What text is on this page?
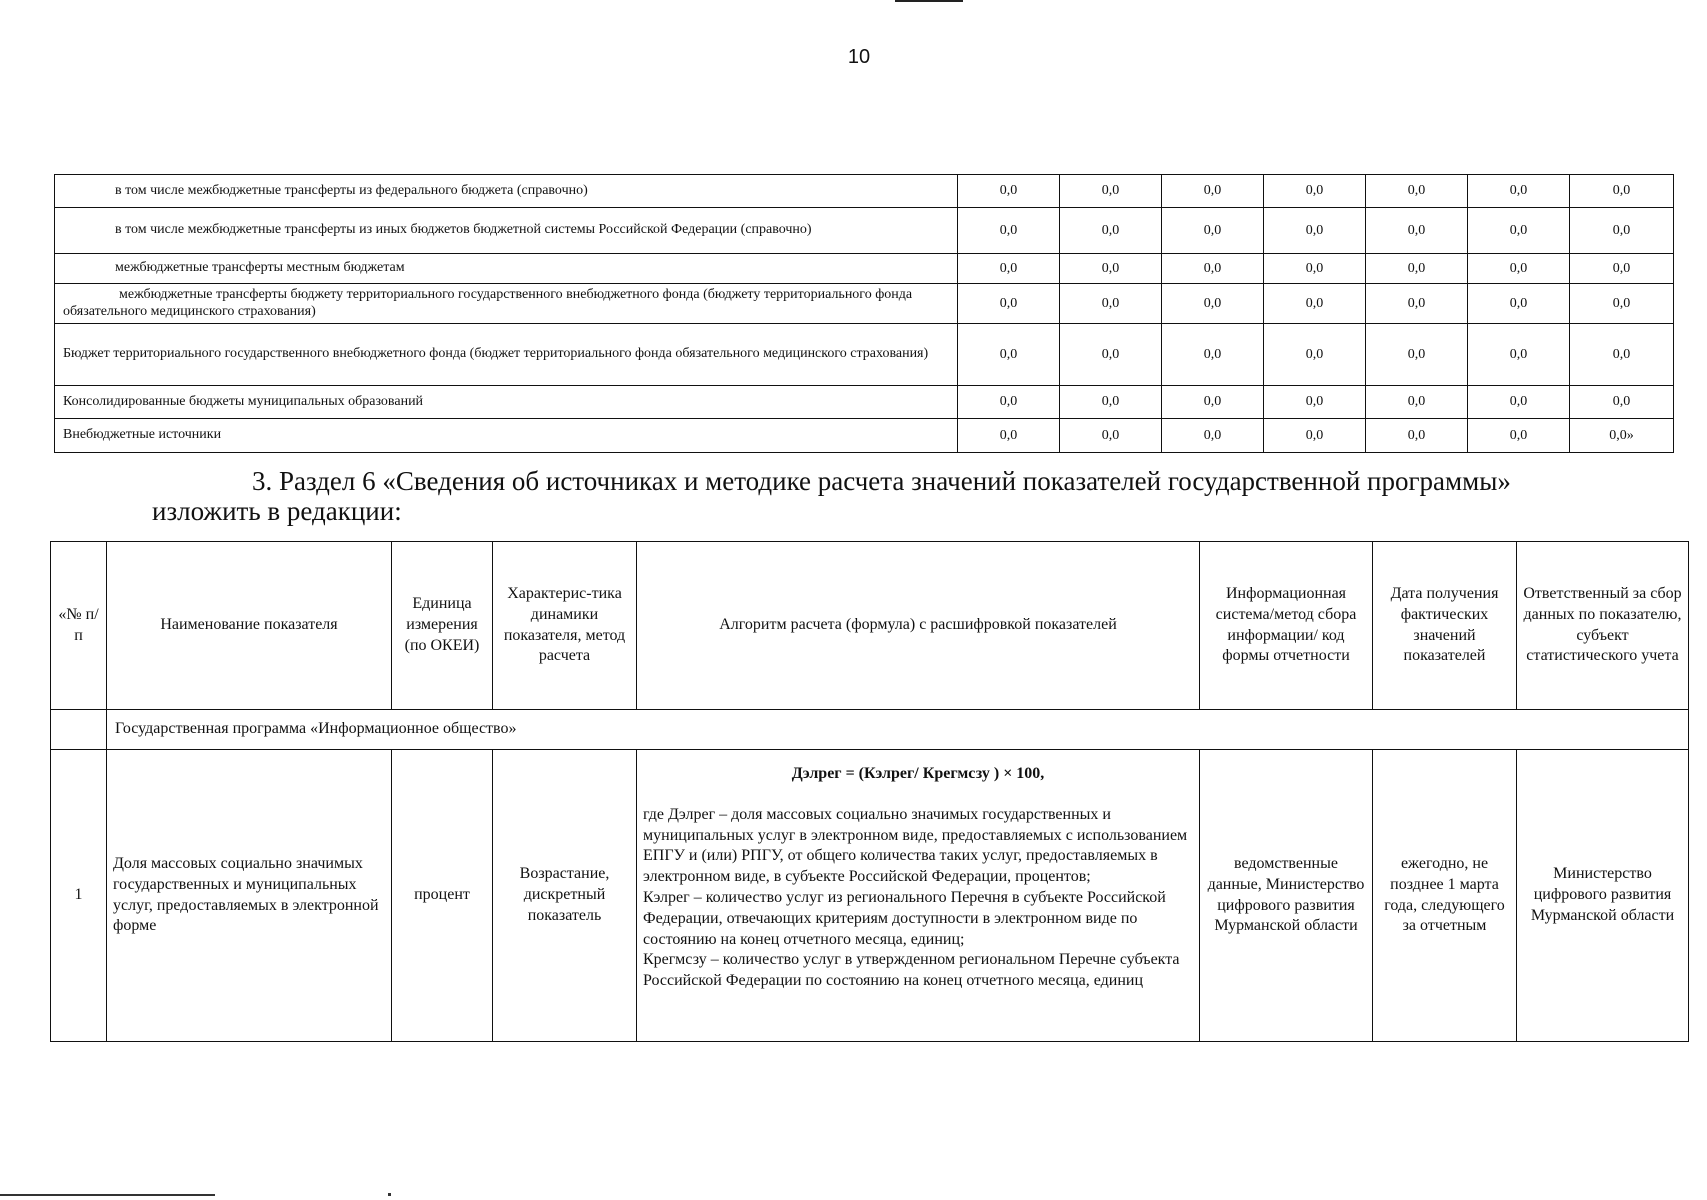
10
в том числе межбюджетные трансферты из федерального бюджета (справочно)	0,0	0,0	0,0	0,0	0,0	0,0	0,0
в том числе межбюджетные трансферты из иных бюджетов бюджетной системы Российской Федерации (справочно)	0,0	0,0	0,0	0,0	0,0	0,0	0,0
межбюджетные трансферты местным бюджетам	0,0	0,0	0,0	0,0	0,0	0,0	0,0
межбюджетные трансферты бюджету территориального государственного внебюджетного фонда (бюджету территориального фонда обязательного медицинского страхования)	0,0	0,0	0,0	0,0	0,0	0,0	0,0
Бюджет территориального государственного внебюджетного фонда (бюджет территориального фонда обязательного медицинского страхования)	0,0	0,0	0,0	0,0	0,0	0,0	0,0
Консолидированные бюджеты муниципальных образований	0,0	0,0	0,0	0,0	0,0	0,0	0,0
Внебюджетные источники	0,0	0,0	0,0	0,0	0,0	0,0	0,0»
3. Раздел 6 «Сведения об источниках и методике расчета значений показателей государственной программы»
изложить в редакции:
«№ п/п	Наименование показателя	Единица измерения (по ОКЕИ)	Характерис-тика динамики показателя, метод расчета	Алгоритм расчета (формула) с расшифровкой показателей	Информационная система/метод сбора информации/ код формы отчетности	Дата получения фактических значений показателей	Ответственный за сбор данных по показателю, субъект статистического учета
	Государственная программа «Информационное общество»						
1	Доля массовых социально значимых государственных и муниципальных услуг, предоставляемых в электронной форме	процент	Возрастание, дискретный показатель	Дэлрег = (Кэлрег/ Крегмсзу ) × 100,
где Дэлрег – доля массовых социально значимых государственных и муниципальных услуг в электронном виде, предоставляемых с использованием ЕПГУ и (или) РПГУ, от общего количества таких услуг, предоставляемых в электронном виде, в субъекте Российской Федерации, процентов;
Кэлрег – количество услуг из регионального Перечня в субъекте Российской Федерации, отвечающих критериям доступности в электронном виде по состоянию на конец отчетного месяца, единиц;
Крегмсзу – количество услуг в утвержденном региональном Перечне субъекта Российской Федерации по состоянию на конец отчетного месяца, единиц	ведомственные данные, Министерство цифрового развития Мурманской области	ежегодно, не позднее 1 марта года, следующего за отчетным	Министерство цифрового развития Мурманской области
